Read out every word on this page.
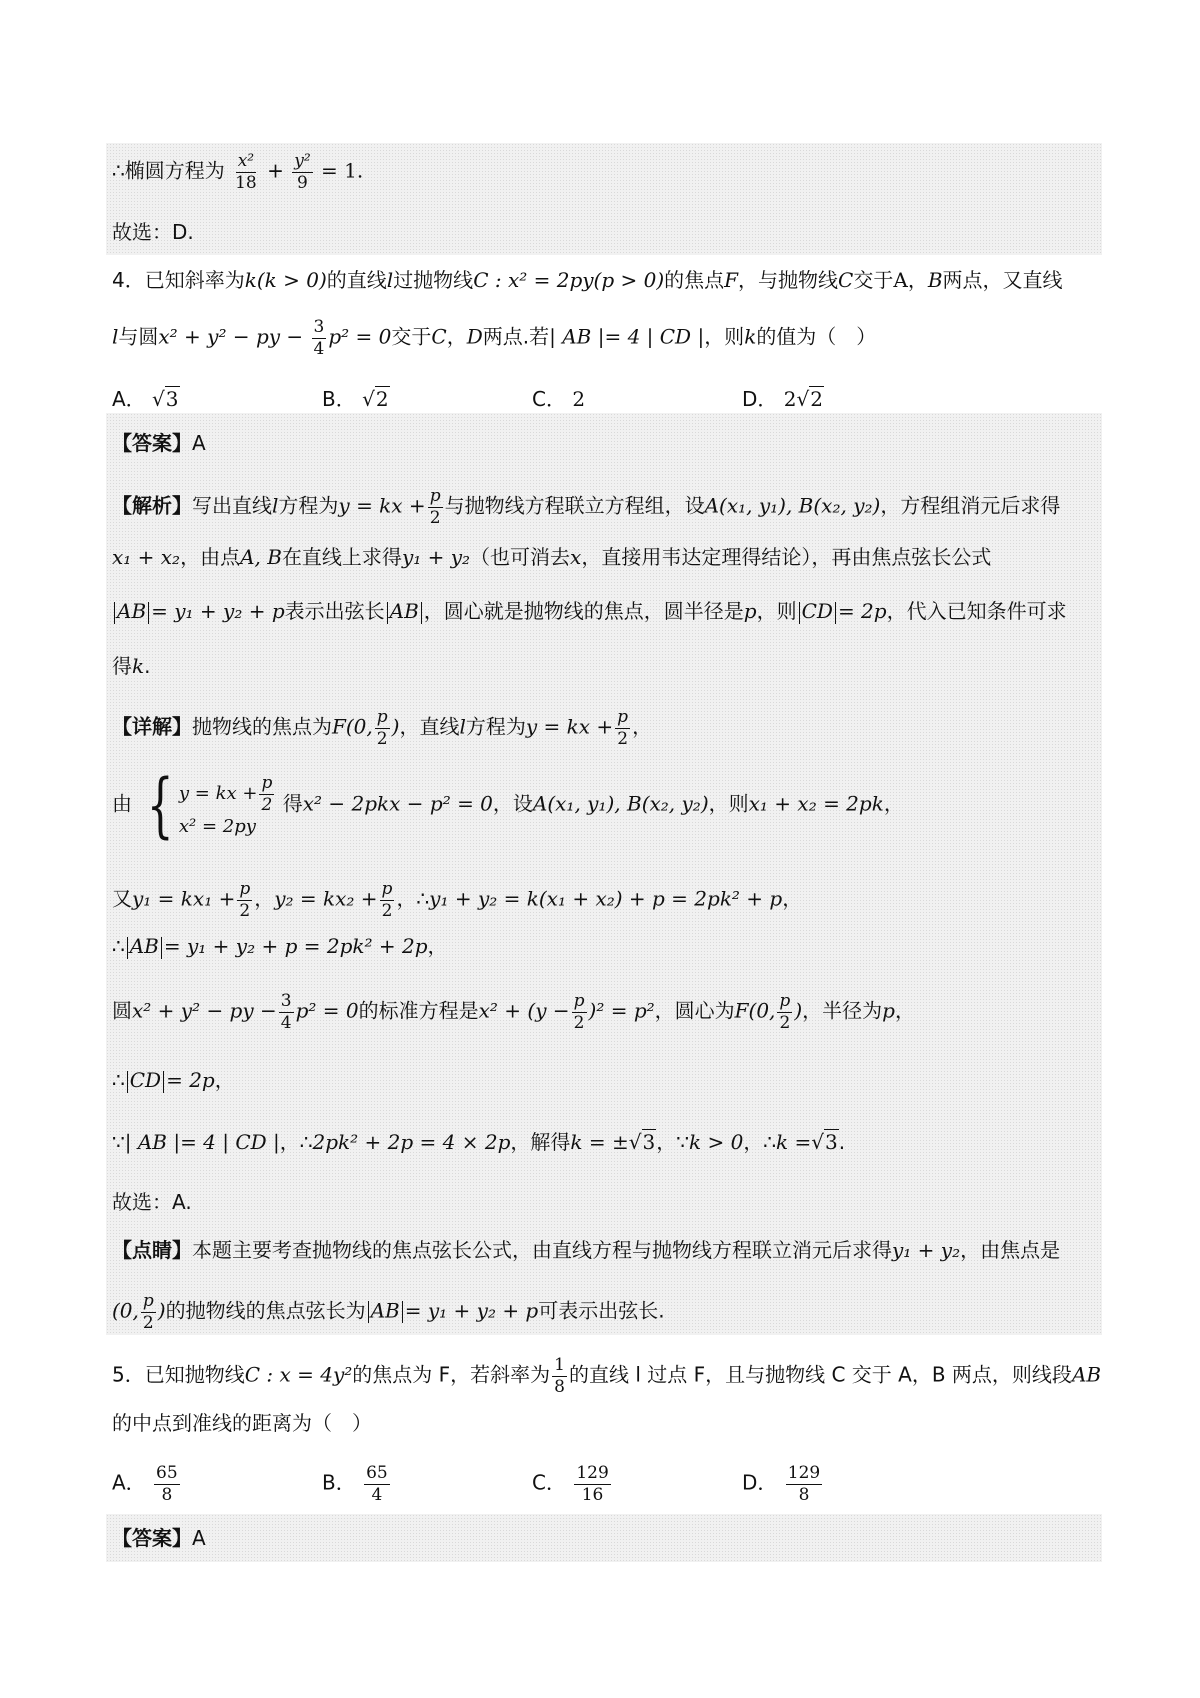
∴椭圆方程为 $\frac{\text{x²}}{18} + \frac{\text{y²}}{9} = 1$.
故选：D.
4．已知斜率为k(k > 0)的直线l过抛物线C : x² = 2py(p > 0)的焦点F，与抛物线C交于A，B两点，又直线
l与圆x² + y² − py − $\frac{3}{4} p^2 = 0$交于C，D两点.若| AB |= 4 | CD |，则k的值为（　）
A． √3	B． √2	C． 2	D． 2√2
【答案】A
【解析】写出直线l方程为y = kx + $\frac{p}{2}$ 与抛物线方程联立方程组，设A(x₁, y₁), B(x₂, y₂)，方程组消元后求得
x₁ + x₂，由点A, B在直线上求得y₁ + y₂（也可消去x，直接用韦达定理得结论），再由焦点弦长公式
AB = y₁ + y₂ + p表示出弦长 AB ，圆心就是抛物线的焦点，圆半径是p，则 CD = 2p，代入已知条件可求
得k.
【详解】抛物线的焦点为F(0, $\frac{p}{2}$ )，直线l方程为y = kx + $\frac{p}{2}$ ，
由 { y = kx + $\frac{p}{2}$
x² = 2py
得x² − 2pkx − p² = 0，设A(x₁, y₁), B(x₂, y₂)，则x₁ + x₂ = 2pk，
又$y_1 = kx_1 + \frac{p}{2}$ ，$y_2 = kx_2 + \frac{p}{2}$ ，∴y₁ + y₂ = k(x₁ + x₂) + p = 2pk² + p，
∴ AB = y₁ + y₂ + p = 2pk² + 2p，
圆x² + y² − py − $\frac{3}{4} p^2 = 0$的标准方程是$x^2 + (y - \frac{p}{2} )^2 = p^2$，圆心为F(0, $\frac{p}{2}$ )，半径为p，
∴ CD = 2p，
∵| AB |= 4 | CD |，∴2pk² + 2p = 4 × 2p，解得k = ±√3，∵k > 0，∴k =√3.
故选：A.
【点睛】本题主要考查抛物线的焦点弦长公式，由直线方程与抛物线方程联立消元后求得y₁ + y₂，由焦点是
(0, $\frac{p}{2}$ )的抛物线的焦点弦长为 AB = y₁ + y₂ + p可表示出弦长.
5．已知抛物线C : x = 4y²的焦点为 F，若斜率为 $\frac{1}{8}$ 的直线 l 过点 F，且与抛物线 C 交于 A，B 两点，则线段AB
的中点到准线的距离为（　）
A． $\frac{65}{8}$	B． $\frac{65}{4}$	C． $\frac{129}{16}$	D． $\frac{129}{8}$
【答案】A
